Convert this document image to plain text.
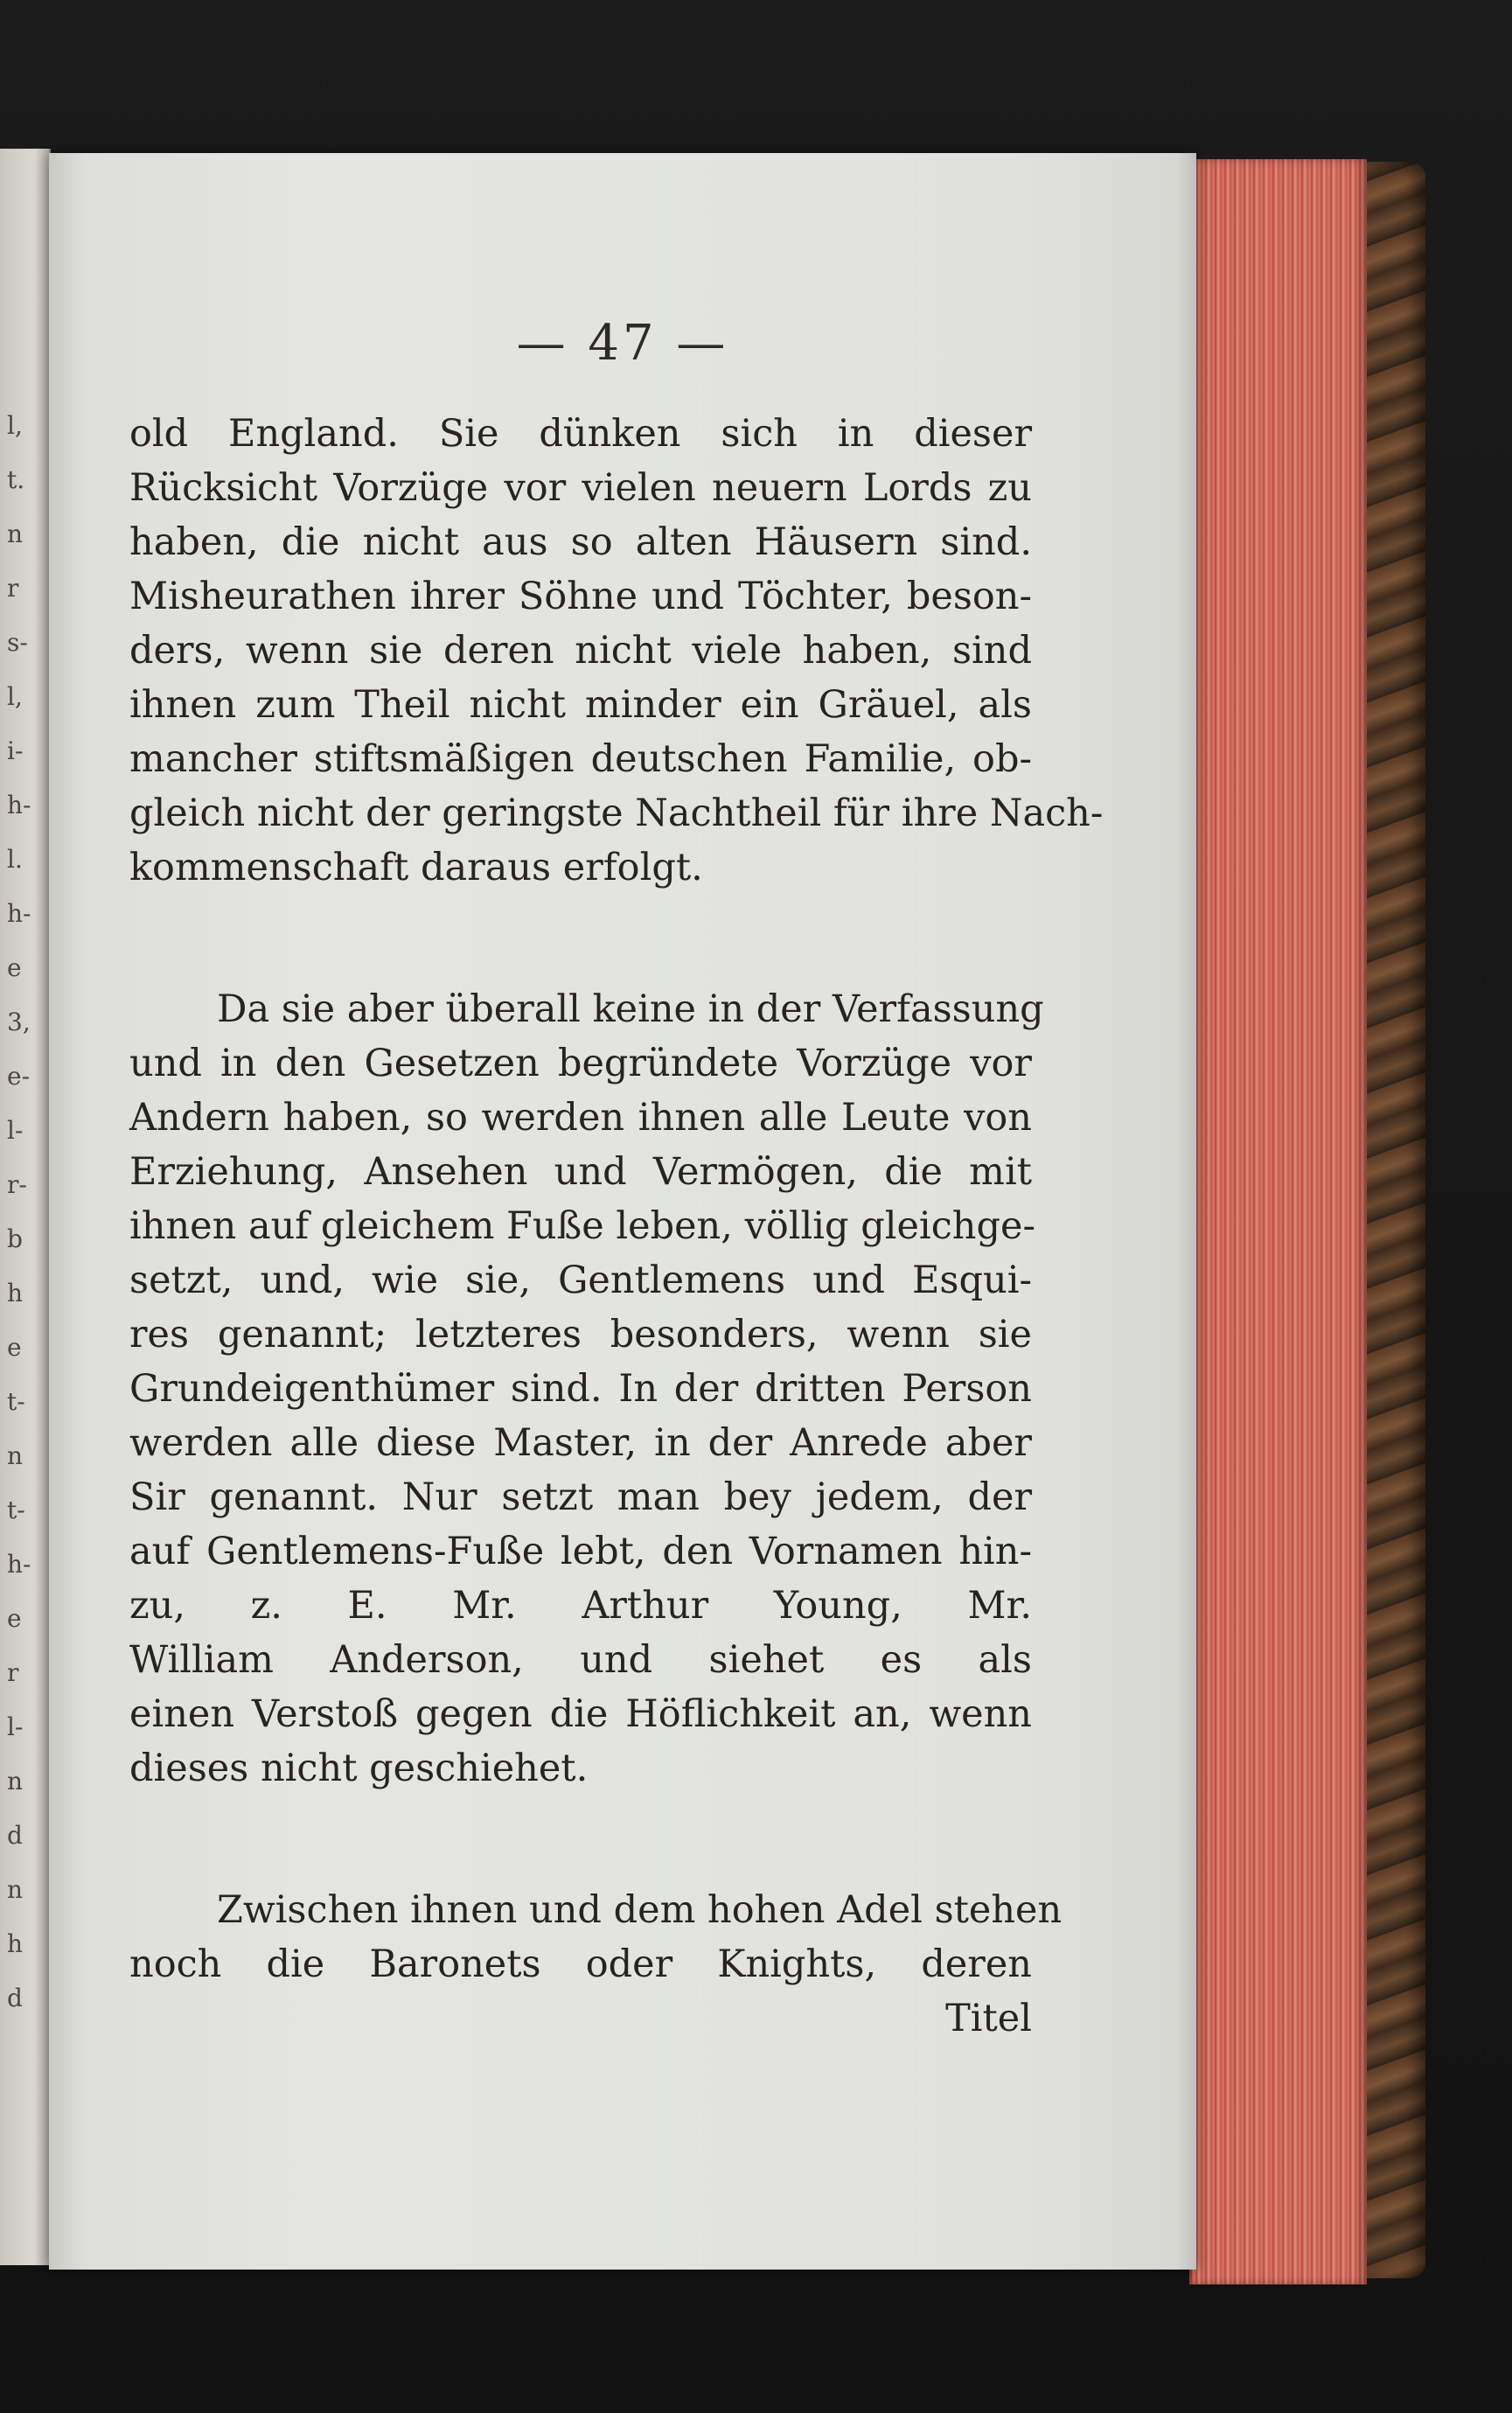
l,
t.
n
r
s-
l,
i-
h-
l.
h-
e
3,
e-
l-
r-
b
h
e
t-
n
t-
h-
e
r
l-
n
d
n
h
d
— 47 —

old England. Sie dünken sich in dieser
Rücksicht Vorzüge vor vielen neuern Lords zu
haben, die nicht aus so alten Häusern sind.
Misheurathen ihrer Söhne und Töchter, beson-
ders, wenn sie deren nicht viele haben, sind
ihnen zum Theil nicht minder ein Gräuel, als
mancher stiftsmäßigen deutschen Familie, ob-
gleich nicht der geringste Nachtheil für ihre Nach-
kommenschaft daraus erfolgt.

Da sie aber überall keine in der Verfassung
und in den Gesetzen begründete Vorzüge vor
Andern haben, so werden ihnen alle Leute von
Erziehung, Ansehen und Vermögen, die mit
ihnen auf gleichem Fuße leben, völlig gleichge-
setzt, und, wie sie, Gentlemens und Esqui-
res genannt; letzteres besonders, wenn sie
Grundeigenthümer sind. In der dritten Person
werden alle diese Master, in der Anrede aber
Sir genannt. Nur setzt man bey jedem, der
auf Gentlemens-Fuße lebt, den Vornamen hin-
zu, z. E. Mr. Arthur Young, Mr.
William Anderson, und siehet es als
einen Verstoß gegen die Höflichkeit an, wenn
dieses nicht geschiehet.

Zwischen ihnen und dem hohen Adel stehen
noch die Baronets oder Knights, deren
Titel
